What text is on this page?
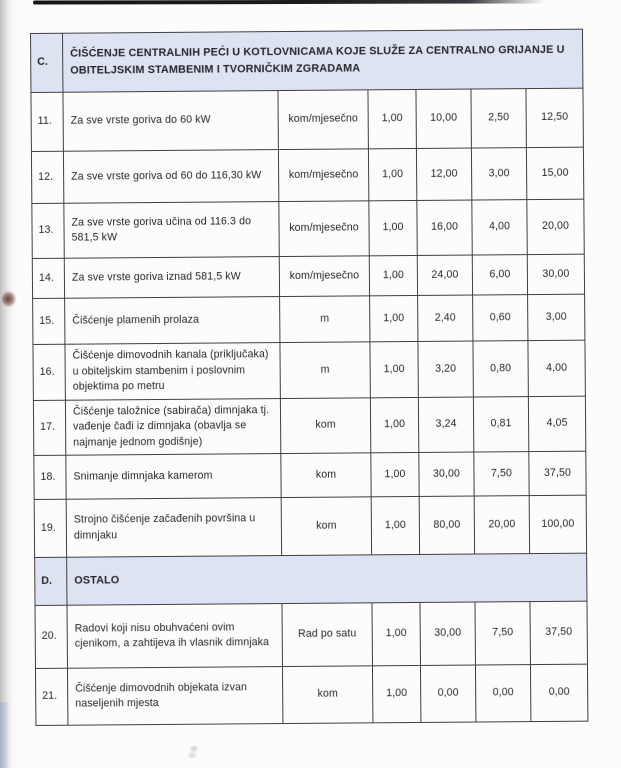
C.	ČIŠĆENJE CENTRALNIH PEĆI U KOTLOVNICAMA KOJE SLUŽE ZA CENTRALNO GRIJANJE U OBITELJSKIM STAMBENIM I TVORNIČKIM ZGRADAMA					
11.	Za sve vrste goriva do 60 kW	kom/mjesečno	1,00	10,00	2,50	12,50
12.	Za sve vrste goriva od 60 do 116,30 kW	kom/mjesečno	1,00	12,00	3,00	15,00
13.	Za sve vrste goriva učina od 116.3 do 581,5 kW	kom/mjesečno	1,00	16,00	4,00	20,00
14.	Za sve vrste goriva iznad 581,5 kW	kom/mjesečno	1,00	24,00	6,00	30,00
15.	Čišćenje plamenih prolaza	m	1,00	2,40	0,60	3,00
16.	Čišćenje dimovodnih kanala (priključaka) u obiteljskim stambenim i poslovnim objektima po metru	m	1,00	3,20	0,80	4,00
17.	Čišćenje taložnice (sabirača) dimnjaka tj. vađenje čađi iz dimnjaka (obavlja se najmanje jednom godišnje)	kom	1,00	3,24	0,81	4,05
18.	Snimanje dimnjaka kamerom	kom	1,00	30,00	7,50	37,50
19.	Strojno čišćenje začađenih površina u dimnjaku	kom	1,00	80,00	20,00	100,00
D.	OSTALO					
20.	Radovi koji nisu obuhvaćeni ovim cjenikom, a zahtijeva ih vlasnik dimnjaka	Rad po satu	1,00	30,00	7,50	37,50
21.	Čišćenje dimovodnih objekata izvan naseljenih mjesta	kom	1,00	0,00	0,00	0,00
